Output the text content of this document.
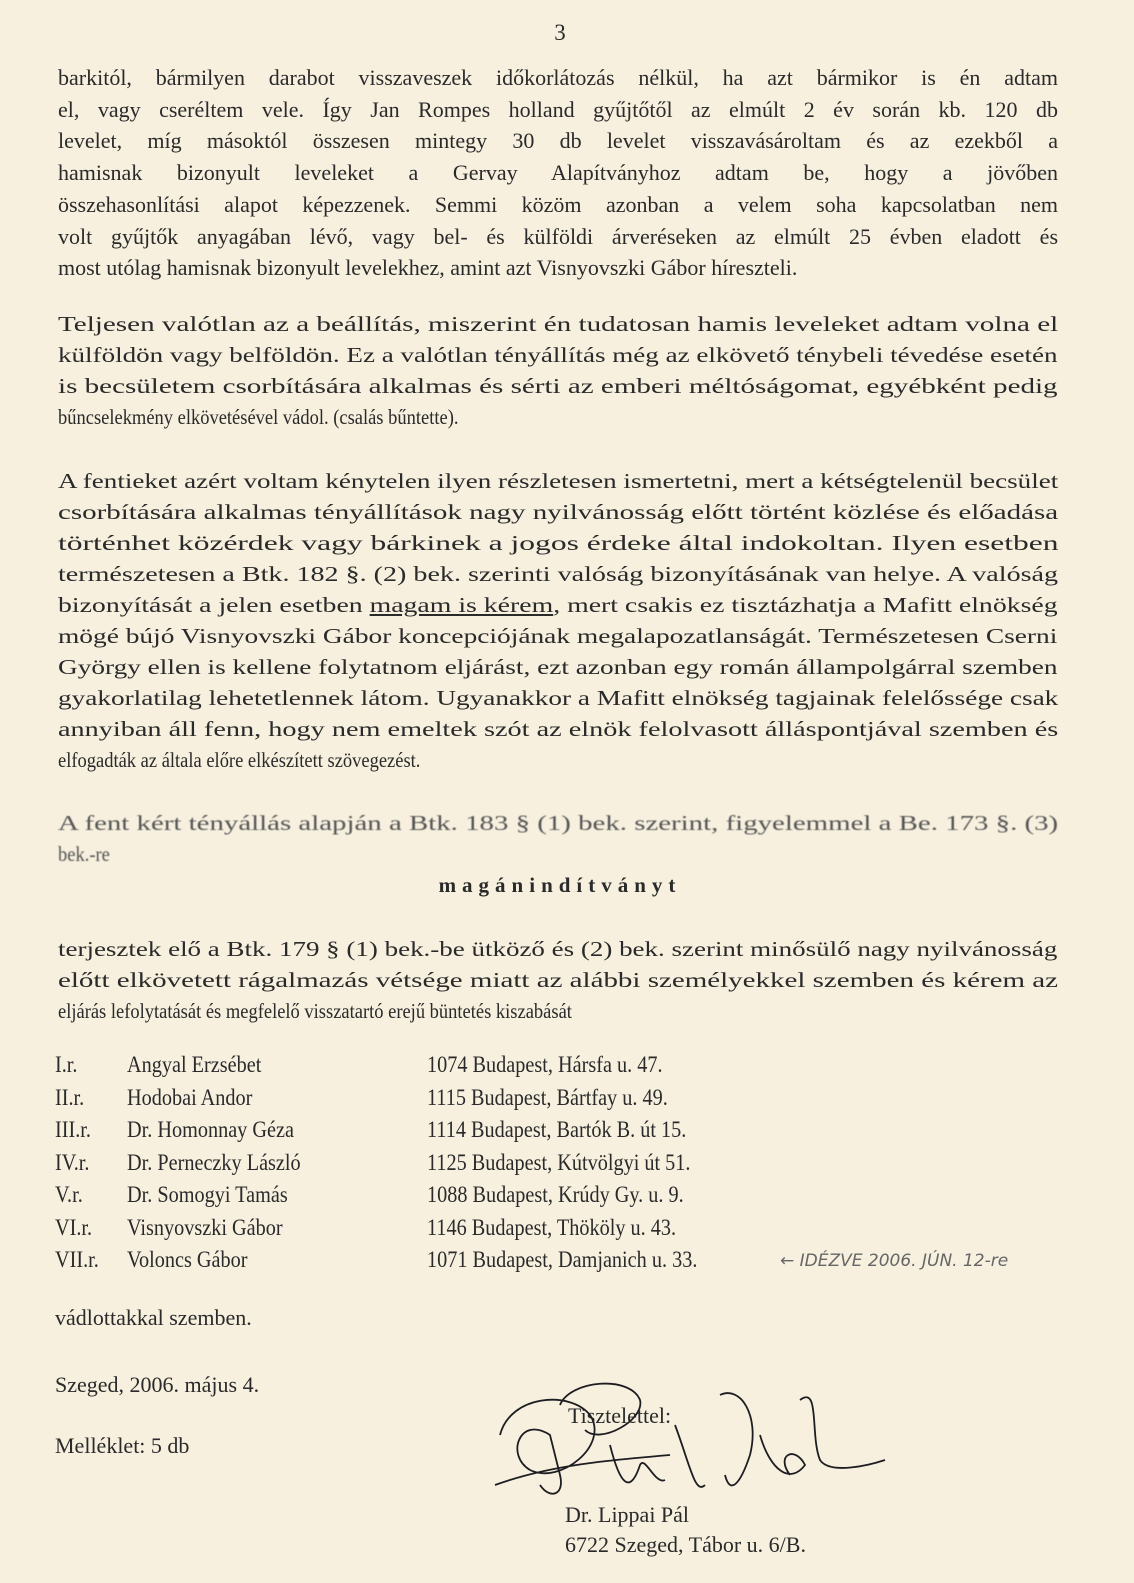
3
barkitól, bármilyen darabot visszaveszek időkorlátozás nélkül, ha azt bármikor is én adtam
el, vagy cseréltem vele. Így Jan Rompes holland gyűjtőtől az elmúlt 2 év során kb. 120 db
levelet, míg másoktól összesen mintegy 30 db levelet visszavásároltam és az ezekből a
hamisnak bizonyult leveleket a Gervay Alapítványhoz adtam be, hogy a jövőben
összehasonlítási alapot képezzenek. Semmi közöm azonban a velem soha kapcsolatban nem
volt gyűjtők anyagában lévő, vagy bel- és külföldi árveréseken az elmúlt 25 évben eladott és
most utólag hamisnak bizonyult levelekhez, amint azt Visnyovszki Gábor híreszteli.
Teljesen valótlan az a beállítás, miszerint én tudatosan hamis leveleket adtam volna el
külföldön vagy belföldön. Ez a valótlan tényállítás még az elkövető ténybeli tévedése esetén
is becsületem csorbítására alkalmas és sérti az emberi méltóságomat, egyébként pedig
bűncselekmény elkövetésével vádol. (csalás bűntette).
A fentieket azért voltam kénytelen ilyen részletesen ismertetni, mert a kétségtelenül becsület
csorbítására alkalmas tényállítások nagy nyilvánosság előtt történt közlése és előadása
történhet közérdek vagy bárkinek a jogos érdeke által indokoltan. Ilyen esetben
természetesen a Btk. 182 §. (2) bek. szerinti valóság bizonyításának van helye. A valóság
bizonyítását a jelen esetben magam is kérem, mert csakis ez tisztázhatja a Mafitt elnökség
mögé bújó Visnyovszki Gábor koncepciójának megalapozatlanságát. Természetesen Cserni
György ellen is kellene folytatnom eljárást, ezt azonban egy román állampolgárral szemben
gyakorlatilag lehetetlennek látom. Ugyanakkor a Mafitt elnökség tagjainak felelőssége csak
annyiban áll fenn, hogy nem emeltek szót az elnök felolvasott álláspontjával szemben és
elfogadták az általa előre elkészített szövegezést.
A fent kért tényállás alapján a Btk. 183 § (1) bek. szerint, figyelemmel a Be. 173 §. (3)
bek.-re
magánindítványt
terjesztek elő a Btk. 179 § (1) bek.-be ütköző és (2) bek. szerint minősülő nagy nyilvánosság
előtt elkövetett rágalmazás vétsége miatt az alábbi személyekkel szemben és kérem az
eljárás lefolytatását és megfelelő visszatartó erejű büntetés kiszabását
I.r.	Angyal Erzsébet	1074 Budapest, Hársfa u. 47.
II.r.	Hodobai Andor	1115 Budapest, Bártfay u. 49.
III.r.	Dr. Homonnay Géza	1114 Budapest, Bartók B. út 15.
IV.r.	Dr. Perneczky László	1125 Budapest, Kútvölgyi út 51.
V.r.	Dr. Somogyi Tamás	1088 Budapest, Krúdy Gy. u. 9.
VI.r.	Visnyovszki Gábor	1146 Budapest, Thököly u. 43.
VII.r.	Voloncs Gábor	1071 Budapest, Damjanich u. 33.	← IDÉZVE 2006. JÚN. 12-re
vádlottakkal szemben.
Szeged, 2006. május 4.
Melléklet: 5 db
Tisztelettel:
Dr. Lippai Pál
6722 Szeged, Tábor u. 6/B.
